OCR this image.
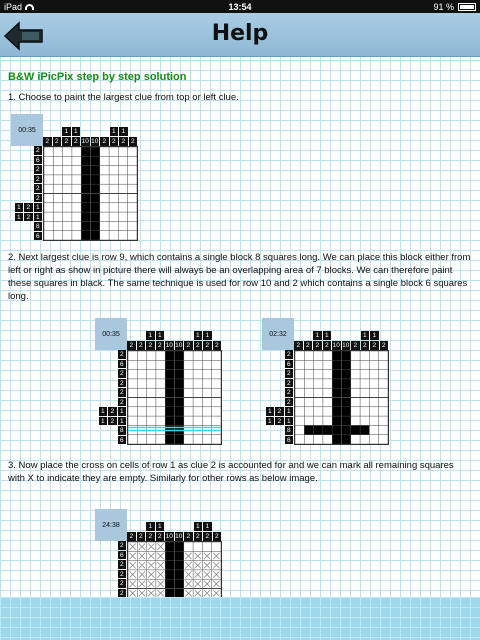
iPad	13:54	91 %
Help
B&W iPicPix step by step solution
1. Choose to paint the largest clue from top or left clue.
00:35
2 2 2
1
2
1
10 10 2 2
1
2
1
2
2
6
2
2
2
2
1 2 1
1 2 1
8
6
2. Next largest clue is row 9, which contains a single block 8 squares long. We can place this block either from left or right as show in picture there will always be an overlapping area of 7 blocks. We can therefore paint these squares in black. The same technique is used for row 10 and 2 which contains a single block 6 squares long.
00:35
2 2 2
1
2
1
10 10 2 2
1
2
1
2
2
6
2
2
2
2
1 2 1
1 2 1
8
6
02:32
2 2 2
1
2
1
10 10 2 2
1
2
1
2
2
6
2
2
2
2
1 2 1
1 2 1
8
6
3. Now place the cross on cells of row 1 as clue 2 is accounted for and we can mark all remaining squares with X to indicate they are empty. Similarly for other rows as below image.
24:38
2 2 2
1
2
1
10 10 2 2
1
2
1
2
2
6
2
2
2
2
